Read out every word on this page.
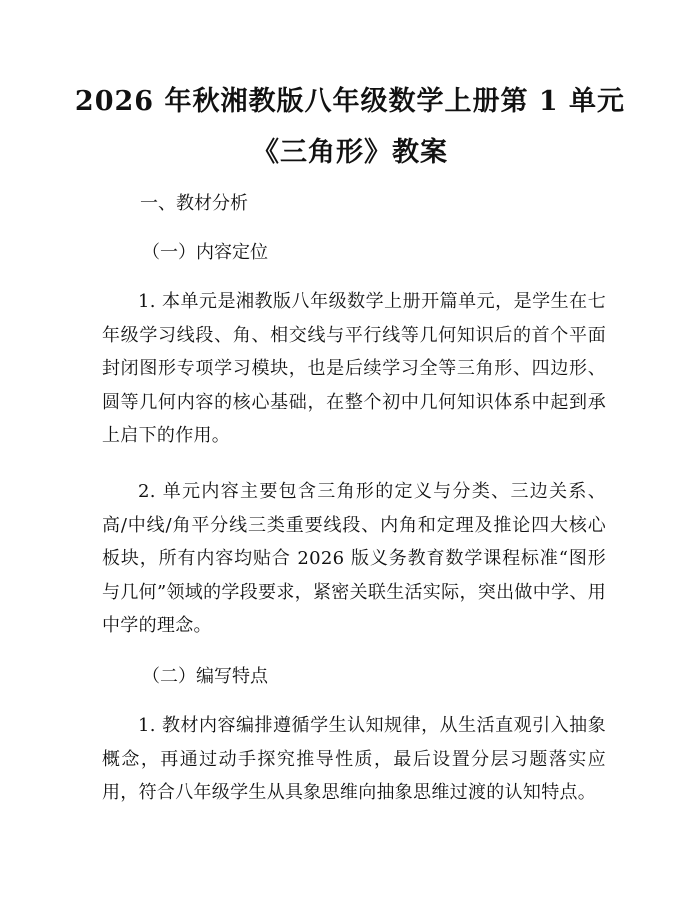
2026 年秋湘教版八年级数学上册第 1 单元
《三角形》教案
一、教材分析
（一）内容定位

1. 本单元是湘教版八年级数学上册开篇单元，是学生在七年级学习线段、角、相交线与平行线等几何知识后的首个平面封闭图形专项学习模块，也是后续学习全等三角形、四边形、圆等几何内容的核心基础，在整个初中几何知识体系中起到承上启下的作用。

2. 单元内容主要包含三角形的定义与分类、三边关系、高/中线/角平分线三类重要线段、内角和定理及推论四大核心板块，所有内容均贴合 2026 版义务教育数学课程标准“图形与几何”领域的学段要求，紧密关联生活实际，突出做中学、用中学的理念。

（二）编写特点

1. 教材内容编排遵循学生认知规律，从生活直观引入抽象概念，再通过动手探究推导性质，最后设置分层习题落实应用，符合八年级学生从具象思维向抽象思维过渡的认知特点。
